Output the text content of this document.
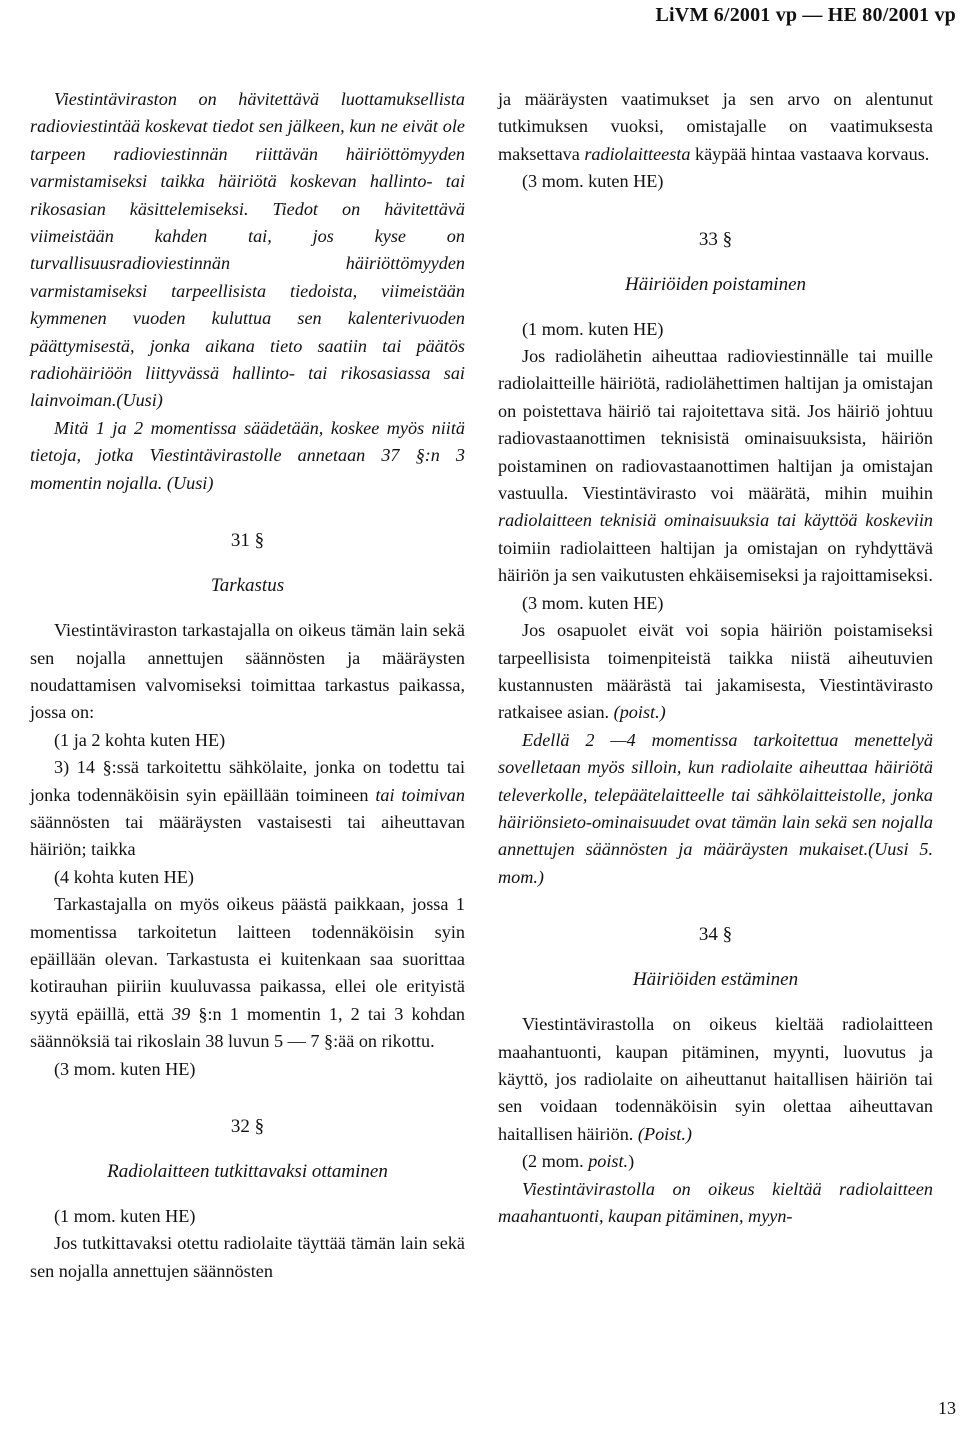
LiVM 6/2001 vp — HE 80/2001 vp

Viestintäviraston on hävitettävä luottamuksellista radioviestintää koskevat tiedot sen jälkeen, kun ne eivät ole tarpeen radioviestinnän riittävän häiriöttömyyden varmistamiseksi taikka häiriötä koskevan hallinto- tai rikosasian käsittelemiseksi. Tiedot on hävitettävä viimeistään kahden tai, jos kyse on turvallisuusradioviestinnän häiriöttömyyden varmistamiseksi tarpeellisista tiedoista, viimeistään kymmenen vuoden kuluttua sen kalenterivuoden päättymisestä, jonka aikana tieto saatiin tai päätös radiohäiriöön liittyvässä hallinto- tai rikosasiassa sai lainvoiman.(Uusi)

Mitä 1 ja 2 momentissa säädetään, koskee myös niitä tietoja, jotka Viestintävirastolle annetaan 37 §:n 3 momentin nojalla. (Uusi)

31 §
Tarkastus

Viestintäviraston tarkastajalla on oikeus tämän lain sekä sen nojalla annettujen säännösten ja määräysten noudattamisen valvomiseksi toimittaa tarkastus paikassa, jossa on:

(1 ja 2 kohta kuten HE)

3) 14 §:ssä tarkoitettu sähkölaite, jonka on todettu tai jonka todennäköisin syin epäillään toimineen tai toimivan säännösten tai määräysten vastaisesti tai aiheuttavan häiriön; taikka

(4 kohta kuten HE)

Tarkastajalla on myös oikeus päästä paikkaan, jossa 1 momentissa tarkoitetun laitteen todennäköisin syin epäillään olevan. Tarkastusta ei kuitenkaan saa suorittaa kotirauhan piiriin kuuluvassa paikassa, ellei ole erityistä syytä epäillä, että 39 §:n 1 momentin 1, 2 tai 3 kohdan säännöksiä tai rikoslain 38 luvun 5 — 7 §:ää on rikottu.

(3 mom. kuten HE)

32 §
Radiolaitteen tutkittavaksi ottaminen

(1 mom. kuten HE)

Jos tutkittavaksi otettu radiolaite täyttää tämän lain sekä sen nojalla annettujen säännösten

ja määräysten vaatimukset ja sen arvo on alentunut tutkimuksen vuoksi, omistajalle on vaatimuksesta maksettava radiolaitteesta käypää hintaa vastaava korvaus.

(3 mom. kuten HE)

33 §
Häiriöiden poistaminen

(1 mom. kuten HE)

Jos radiolähetin aiheuttaa radioviestinnälle tai muille radiolaitteille häiriötä, radiolähettimen haltijan ja omistajan on poistettava häiriö tai rajoitettava sitä. Jos häiriö johtuu radiovastaanottimen teknisistä ominaisuuksista, häiriön poistaminen on radiovastaanottimen haltijan ja omistajan vastuulla. Viestintävirasto voi määrätä, mihin muihin radiolaitteen teknisiä ominaisuuksia tai käyttöä koskeviin toimiin radiolaitteen haltijan ja omistajan on ryhdyttävä häiriön ja sen vaikutusten ehkäisemiseksi ja rajoittamiseksi.

(3 mom. kuten HE)

Jos osapuolet eivät voi sopia häiriön poistamiseksi tarpeellisista toimenpiteistä taikka niistä aiheutuvien kustannusten määrästä tai jakamisesta, Viestintävirasto ratkaisee asian. (poist.)

Edellä 2 —4 momentissa tarkoitettua menettelyä sovelletaan myös silloin, kun radiolaite aiheuttaa häiriötä televerkolle, telepäätelaitteelle tai sähkölaitteistolle, jonka häiriönsieto-ominaisuudet ovat tämän lain sekä sen nojalla annettujen säännösten ja määräysten mukaiset.(Uusi 5. mom.)

34 §
Häiriöiden estäminen

Viestintävirastolla on oikeus kieltää radiolaitteen maahantuonti, kaupan pitäminen, myynti, luovutus ja käyttö, jos radiolaite on aiheuttanut haitallisen häiriön tai sen voidaan todennäköisin syin olettaa aiheuttavan haitallisen häiriön. (Poist.)

(2 mom. poist.)

Viestintävirastolla on oikeus kieltää radiolaitteen maahantuonti, kaupan pitäminen, myyn-

13
